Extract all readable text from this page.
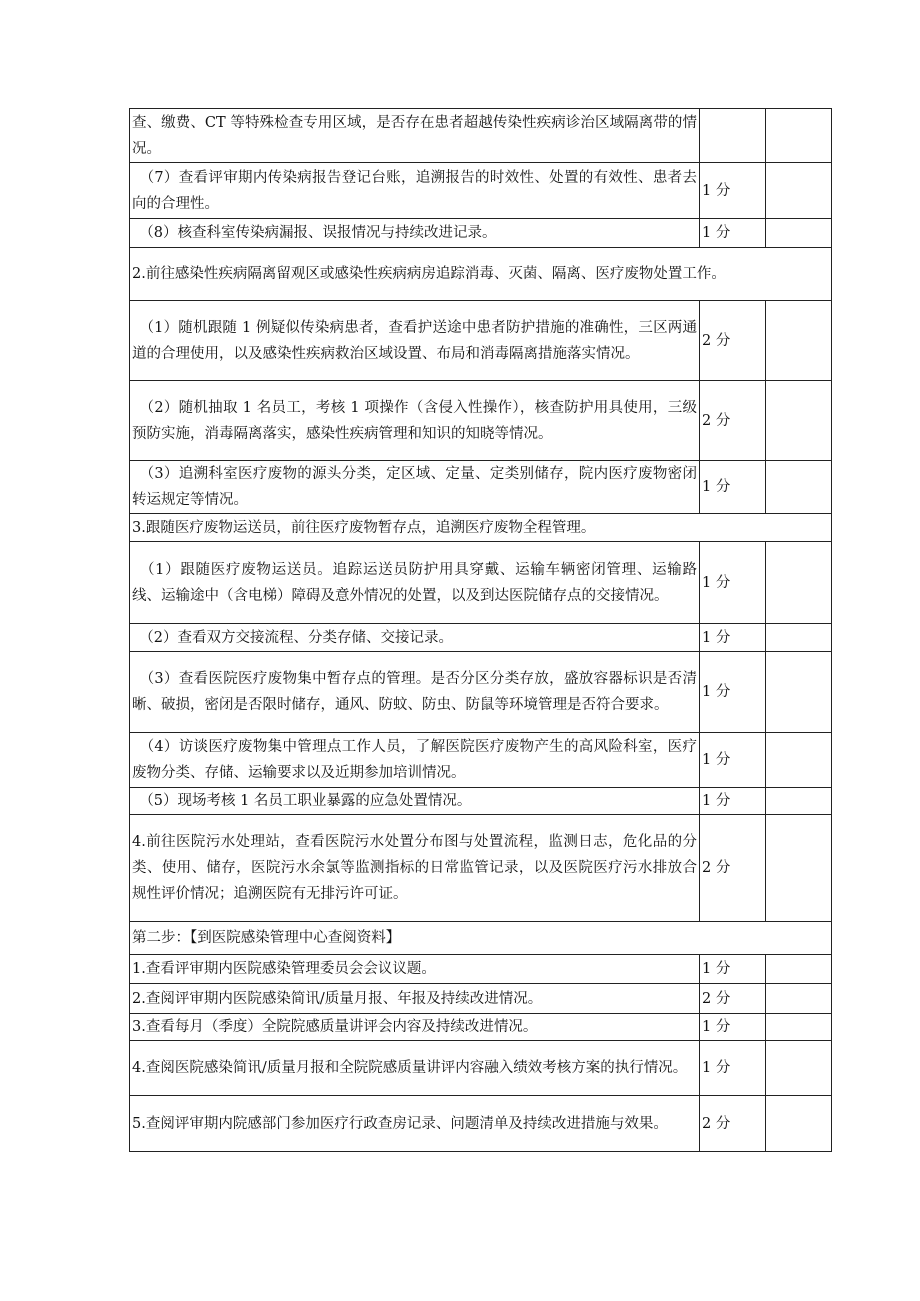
查、缴费、CT 等特殊检查专用区域，是否存在患者超越传染性疾病诊治区域隔离带的情况。		
　（7）查看评审期内传染病报告登记台账，追溯报告的时效性、处置的有效性、患者去向的合理性。	1 分	
　（8）核查科室传染病漏报、误报情况与持续改进记录。	1 分	
2.前往感染性疾病隔离留观区或感染性疾病病房追踪消毒、灭菌、隔离、医疗废物处置工作。		
　（1）随机跟随 1 例疑似传染病患者，查看护送途中患者防护措施的准确性，三区两通道的合理使用，以及感染性疾病救治区域设置、布局和消毒隔离措施落实情况。	2 分	
　（2）随机抽取 1 名员工，考核 1 项操作（含侵入性操作），核查防护用具使用，三级预防实施，消毒隔离落实，感染性疾病管理和知识的知晓等情况。	2 分	
　（3）追溯科室医疗废物的源头分类，定区域、定量、定类别储存，院内医疗废物密闭转运规定等情况。	1 分	
3.跟随医疗废物运送员，前往医疗废物暂存点，追溯医疗废物全程管理。		
　（1）跟随医疗废物运送员。追踪运送员防护用具穿戴、运输车辆密闭管理、运输路线、运输途中（含电梯）障碍及意外情况的处置，以及到达医院储存点的交接情况。	1 分	
　（2）查看双方交接流程、分类存储、交接记录。	1 分	
　（3）查看医院医疗废物集中暂存点的管理。是否分区分类存放，盛放容器标识是否清晰、破损，密闭是否限时储存，通风、防蚊、防虫、防鼠等环境管理是否符合要求。	1 分	
　（4）访谈医疗废物集中管理点工作人员，了解医院医疗废物产生的高风险科室，医疗废物分类、存储、运输要求以及近期参加培训情况。	1 分	
　（5）现场考核 1 名员工职业暴露的应急处置情况。	1 分	
4.前往医院污水处理站，查看医院污水处置分布图与处置流程，监测日志，危化品的分类、使用、储存，医院污水余氯等监测指标的日常监管记录，以及医院医疗污水排放合规性评价情况；追溯医院有无排污许可证。	2 分	
第二步：【到医院感染管理中心查阅资料】		
1.查看评审期内医院感染管理委员会会议议题。	1 分	
2.查阅评审期内医院感染简讯/质量月报、年报及持续改进情况。	2 分	
3.查看每月（季度）全院院感质量讲评会内容及持续改进情况。	1 分	
4.查阅医院感染简讯/质量月报和全院院感质量讲评内容融入绩效考核方案的执行情况。	1 分	
5.查阅评审期内院感部门参加医疗行政查房记录、问题清单及持续改进措施与效果。	2 分	
